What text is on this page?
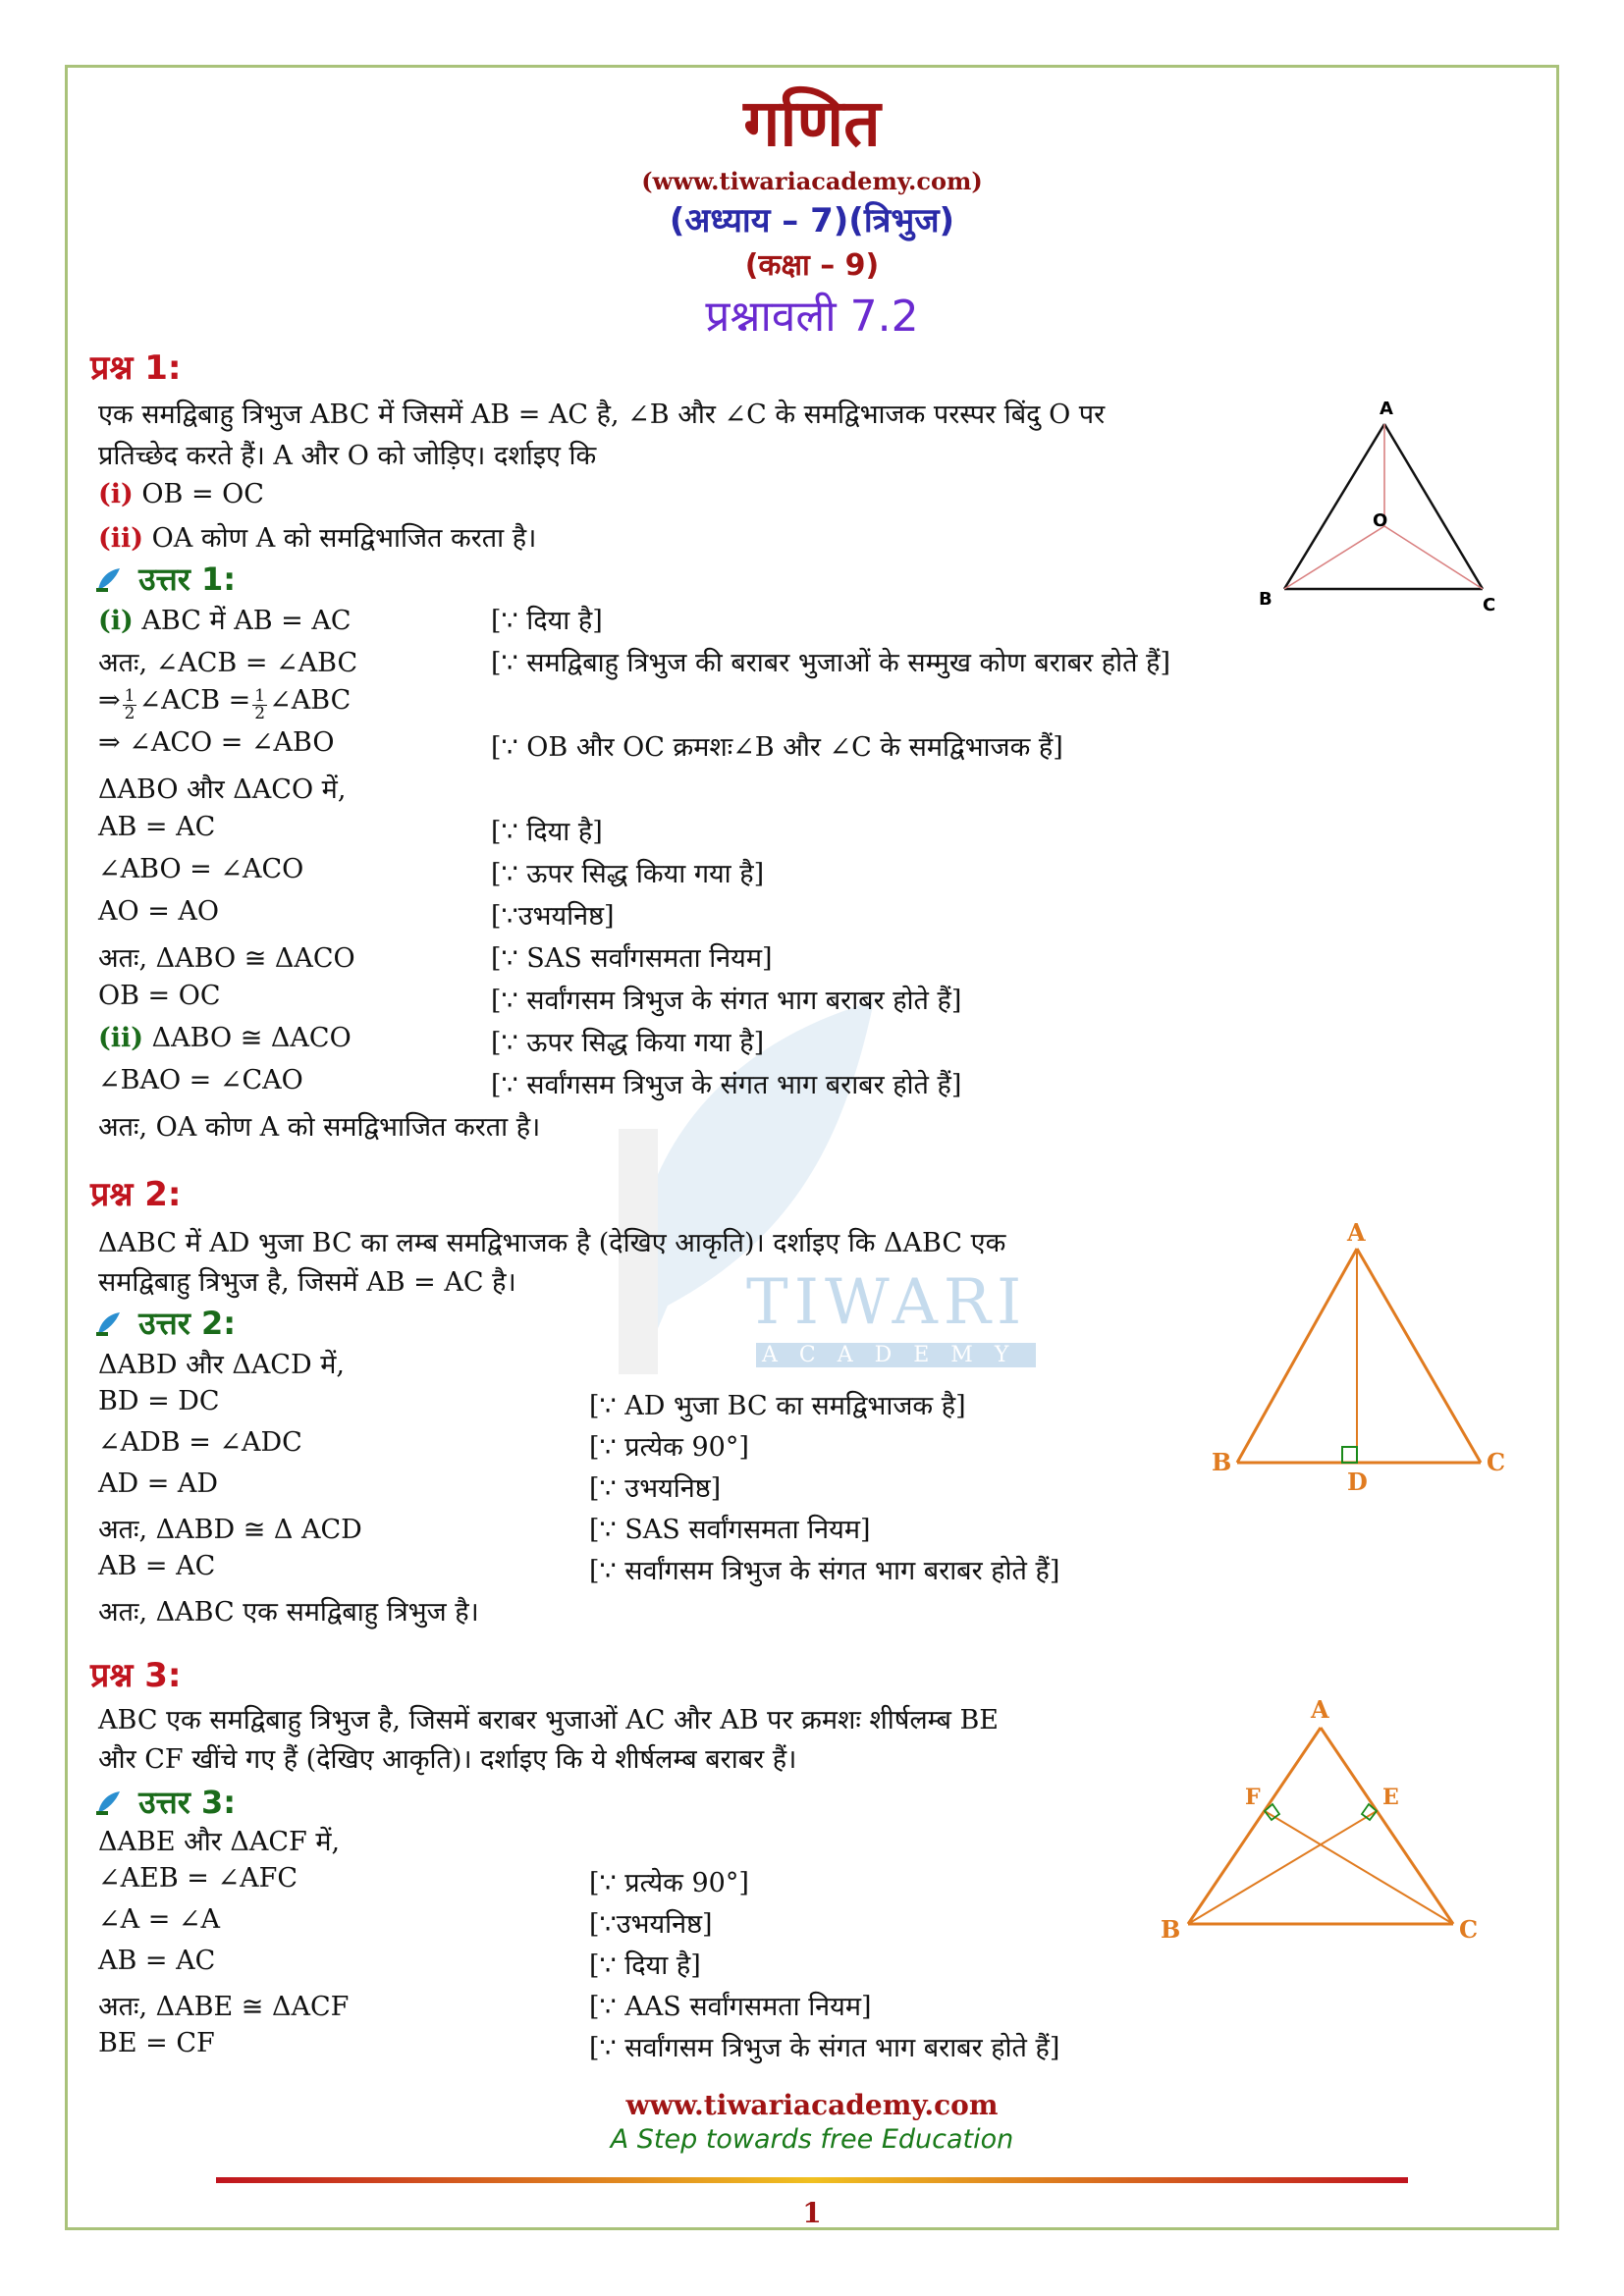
TIWARI
ACADEMY
गणित
(www.tiwariacademy.com)
(अध्याय – 7)(त्रिभुज)
(कक्षा – 9)
प्रश्नावली 7.2
प्रश्न 1:
एक समद्विबाहु त्रिभुज ABC में जिसमें AB = AC है, ∠B और ∠C के समद्विभाजक परस्पर बिंदु O पर
प्रतिच्छेद करते हैं। A और O को जोड़िए। दर्शाइए कि
(i) OB = OC
(ii) OA कोण A को समद्विभाजित करता है।
उत्तर 1:
(i) ABC में AB = AC	[∵ दिया है]
अतः, ∠ACB = ∠ABC	[∵ समद्विबाहु त्रिभुज की बराबर भुजाओं के सम्मुख कोण बराबर होते हैं]
⇒ $\frac{1}{2}$ ∠ACB = $\frac{1}{2}$ ∠ABC
⇒ ∠ACO = ∠ABO	[∵ OB और OC क्रमशः∠B और ∠C के समद्विभाजक हैं]
ΔABO और ΔACO में,
AB = AC	[∵ दिया है]
∠ABO = ∠ACO	[∵ ऊपर सिद्ध किया गया है]
AO = AO	[∵उभयनिष्ठ]
अतः, ΔABO ≅ ΔACO	[∵ SAS सर्वांगसमता नियम]
OB = OC	[∵ सर्वांगसम त्रिभुज के संगत भाग बराबर होते हैं]
(ii) ΔABO ≅ ΔACO	[∵ ऊपर सिद्ध किया गया है]
∠BAO = ∠CAO	[∵ सर्वांगसम त्रिभुज के संगत भाग बराबर होते हैं]
अतः, OA कोण A को समद्विभाजित करता है।
A
O
B	C
प्रश्न 2:
ΔABC में AD भुजा BC का लम्ब समद्विभाजक है (देखिए आकृति)। दर्शाइए कि ΔABC एक
समद्विबाहु त्रिभुज है, जिसमें AB = AC है।
उत्तर 2:
ΔABD और ΔACD में,
BD = DC	[∵ AD भुजा BC का समद्विभाजक है]
∠ADB = ∠ADC	[∵ प्रत्येक 90°]
AD = AD	[∵ उभयनिष्ठ]
अतः, ΔABD ≅ Δ ACD	[∵ SAS सर्वांगसमता नियम]
AB = AC	[∵ सर्वांगसम त्रिभुज के संगत भाग बराबर होते हैं]
अतः, ΔABC एक समद्विबाहु त्रिभुज है।
A
B	C
D
प्रश्न 3:
ABC एक समद्विबाहु त्रिभुज है, जिसमें बराबर भुजाओं AC और AB पर क्रमशः शीर्षलम्ब BE
और CF खींचे गए हैं (देखिए आकृति)। दर्शाइए कि ये शीर्षलम्ब बराबर हैं।
उत्तर 3:
ΔABE और ΔACF में,
∠AEB = ∠AFC	[∵ प्रत्येक 90°]
∠A = ∠A	[∵उभयनिष्ठ]
AB = AC	[∵ दिया है]
अतः, ΔABE ≅ ΔACF	[∵ AAS सर्वांगसमता नियम]
BE = CF	[∵ सर्वांगसम त्रिभुज के संगत भाग बराबर होते हैं]
A
B	C
F	E
www.tiwariacademy.com
A Step towards free Education
1
